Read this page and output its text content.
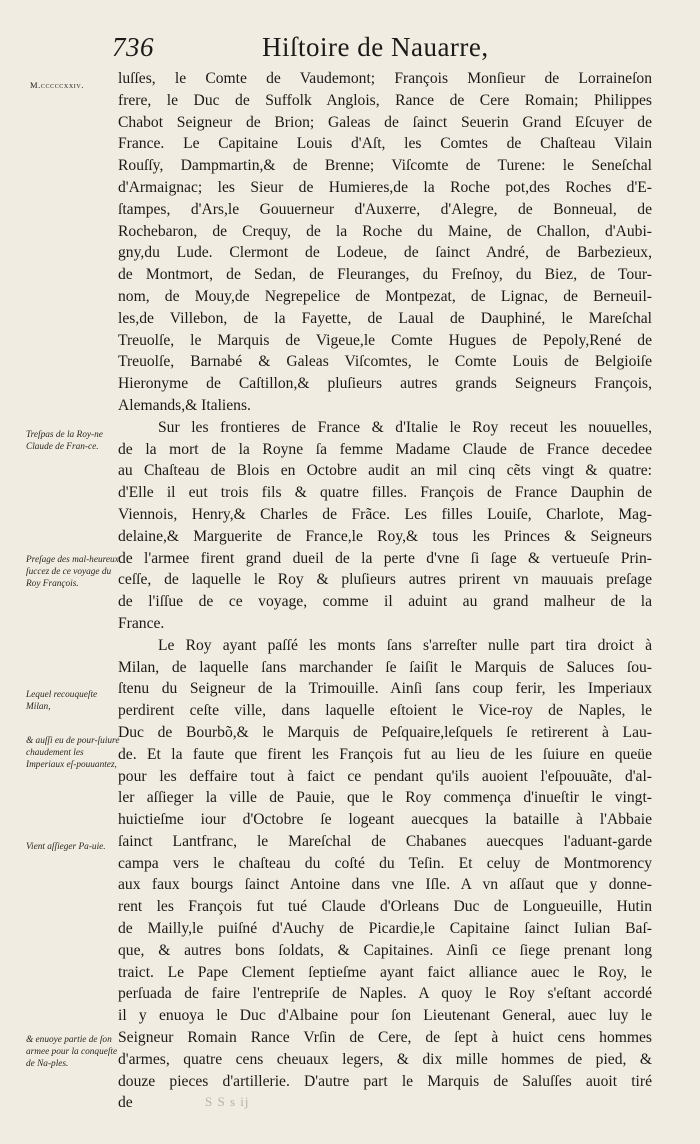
736	Hiſtoire de Nauarre,
M.cccccxxiv.
Treſpas de la Roy-ne Claude de Fran-ce.
Preſage des mal-heureux ſuccez de ce voyage du Roy François.
Lequel recouqueſte Milan,
& auſſi eu de pour-ſuiure chaudement les Imperiaux eſ-pouuantez,
Vient aſſieger Pa-uie.
& enuoye partie de ſon armee pour la conqueſte de Na-ples.
luſſes, le Comte de Vaudemont; François Monſieur de Lorraineſon
frere, le Duc de Suffolk Anglois, Rance de Cere Romain; Philippes
Chabot Seigneur de Brion; Galeas de ſainct Seuerin Grand Eſcuyer de
France. Le Capitaine Louis d'Aſt, les Comtes de Chaſteau Vilain
Rouſſy, Dampmartin,& de Brenne; Viſcomte de Turene: le Seneſchal
d'Armaignac; les Sieur de Humieres,de la Roche pot,des Roches d'E-
ſtampes, d'Ars,le Gouuerneur d'Auxerre, d'Alegre, de Bonneual, de
Rochebaron, de Crequy, de la Roche du Maine, de Challon, d'Aubi-
gny,du Lude. Clermont de Lodeue, de ſainct André, de Barbezieux,
de Montmort, de Sedan, de Fleuranges, du Freſnoy, du Biez, de Tour-
nom, de Mouy,de Negrepelice de Montpezat, de Lignac, de Berneuil-
les,de Villebon, de la Fayette, de Laual de Dauphiné, le Mareſchal
Treuolſe, le Marquis de Vigeue,le Comte Hugues de Pepoly,René de
Treuolſe, Barnabé & Galeas Viſcomtes, le Comte Louis de Belgioiſe
Hieronyme de Caſtillon,& pluſieurs autres grands Seigneurs François,
Alemands,& Italiens.
Sur les frontieres de France & d'Italie le Roy receut les nouuelles,
de la mort de la Royne ſa femme Madame Claude de France decedee
au Chaſteau de Blois en Octobre audit an mil cinq cẽts vingt & quatre:
d'Elle il eut trois fils & quatre filles. François de France Dauphin de
Viennois, Henry,& Charles de Frãce. Les filles Louiſe, Charlote, Mag-
delaine,& Marguerite de France,le Roy,& tous les Princes & Seigneurs
de l'armee firent grand dueil de la perte d'vne ſi ſage & vertueuſe Prin-
ceſſe, de laquelle le Roy & pluſieurs autres prirent vn mauuais preſage
de l'iſſue de ce voyage, comme il aduint au grand malheur de la
France.
Le Roy ayant paſſé les monts ſans s'arreſter nulle part tira droict à
Milan, de laquelle ſans marchander ſe ſaiſit le Marquis de Saluces ſou-
ſtenu du Seigneur de la Trimouille. Ainſi ſans coup ferir, les Imperiaux
perdirent ceſte ville, dans laquelle eſtoient le Vice-roy de Naples, le
Duc de Bourbõ,& le Marquis de Peſquaire,leſquels ſe retirerent à Lau-
de. Et la faute que firent les François fut au lieu de les ſuiure en queüe
pour les deffaire tout à faict ce pendant qu'ils auoient l'eſpouuãte, d'al-
ler aſſieger la ville de Pauie, que le Roy commença d'inueſtir le vingt-
huictieſme iour d'Octobre ſe logeant auecques la bataille à l'Abbaie
ſainct Lantfranc, le Mareſchal de Chabanes auecques l'aduant-garde
campa vers le chaſteau du coſté du Teſin. Et celuy de Montmorency
aux faux bourgs ſainct Antoine dans vne Iſle. A vn aſſaut que y donne-
rent les François fut tué Claude d'Orleans Duc de Longueuille, Hutin
de Mailly,le puiſné d'Auchy de Picardie,le Capitaine ſainct Iulian Baſ-
que, & autres bons ſoldats, & Capitaines. Ainſi ce ſiege prenant long
traict. Le Pape Clement ſeptieſme ayant faict alliance auec le Roy, le
perſuada de faire l'entrepriſe de Naples. A quoy le Roy s'eſtant accordé
il y enuoya le Duc d'Albaine pour ſon Lieutenant General, auec luy le
Seigneur Romain Rance Vrſin de Cere, de ſept à huict cens hommes
d'armes, quatre cens cheuaux legers, & dix mille hommes de pied, &
douze pieces d'artillerie. D'autre part le Marquis de Saluſſes auoit tiré
de	S S s ij
